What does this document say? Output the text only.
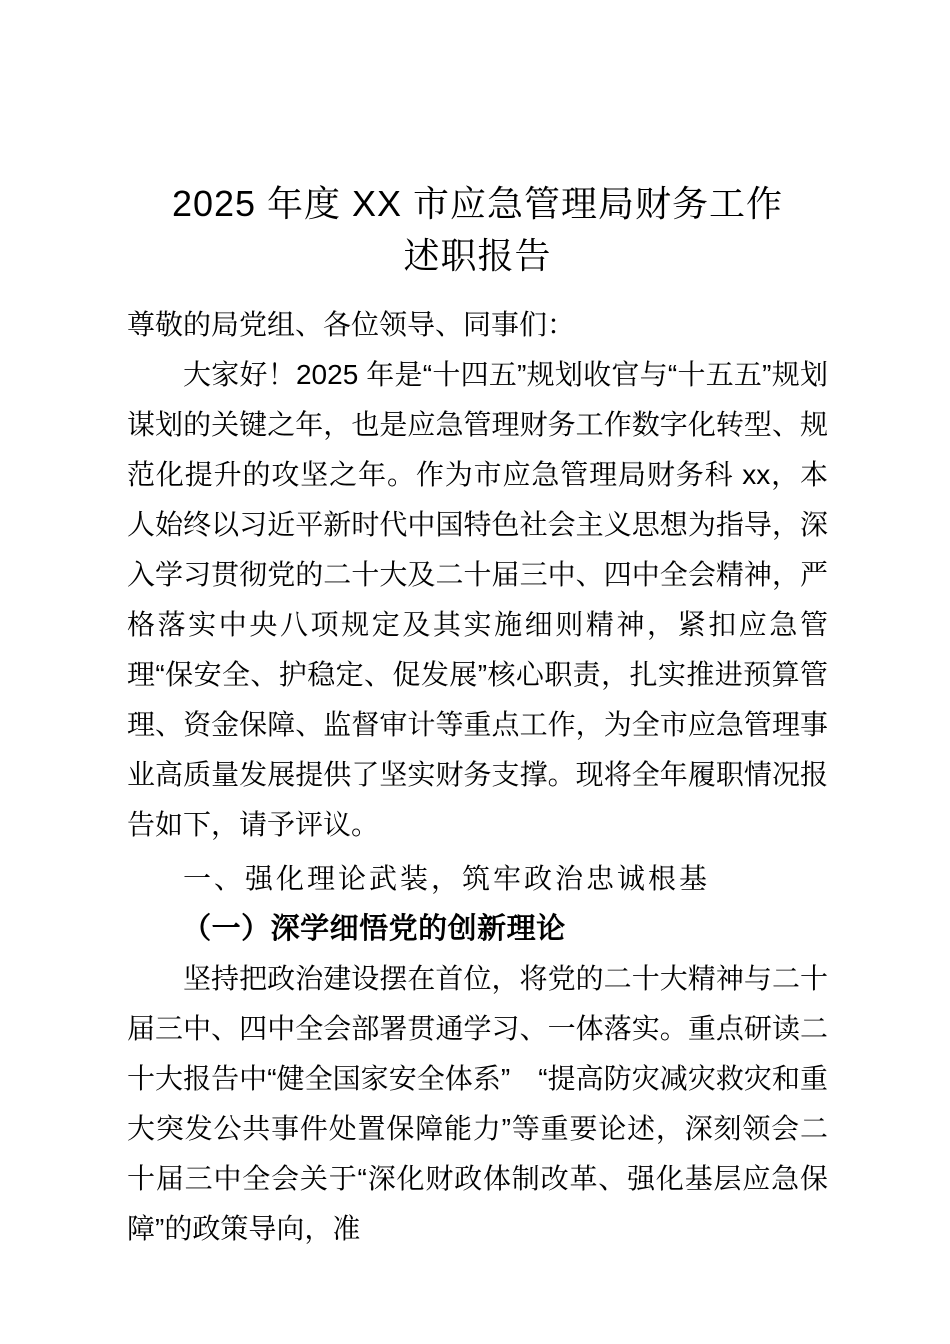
2025 年度 XX 市应急管理局财务工作
述职报告

尊敬的局党组、各位领导、同事们：

大家好！2025 年是“十四五”规划收官与“十五五”规划谋划的关键之年，也是应急管理财务工作数字化转型、规范化提升的攻坚之年。作为市应急管理局财务科 xx，本人始终以习近平新时代中国特色社会主义思想为指导，深入学习贯彻党的二十大及二十届三中、四中全会精神，严格落实中央八项规定及其实施细则精神，紧扣应急管理“保安全、护稳定、促发展”核心职责，扎实推进预算管理、资金保障、监督审计等重点工作，为全市应急管理事业高质量发展提供了坚实财务支撑。现将全年履职情况报告如下，请予评议。

一、强化理论武装，筑牢政治忠诚根基

（一）深学细悟党的创新理论

坚持把政治建设摆在首位，将党的二十大精神与二十届三中、四中全会部署贯通学习、一体落实。重点研读二十大报告中“健全国家安全体系”　“提高防灾减灾救灾和重大突发公共事件处置保障能力”等重要论述，深刻领会二十届三中全会关于“深化财政体制改革、强化基层应急保障”的政策导向，准
